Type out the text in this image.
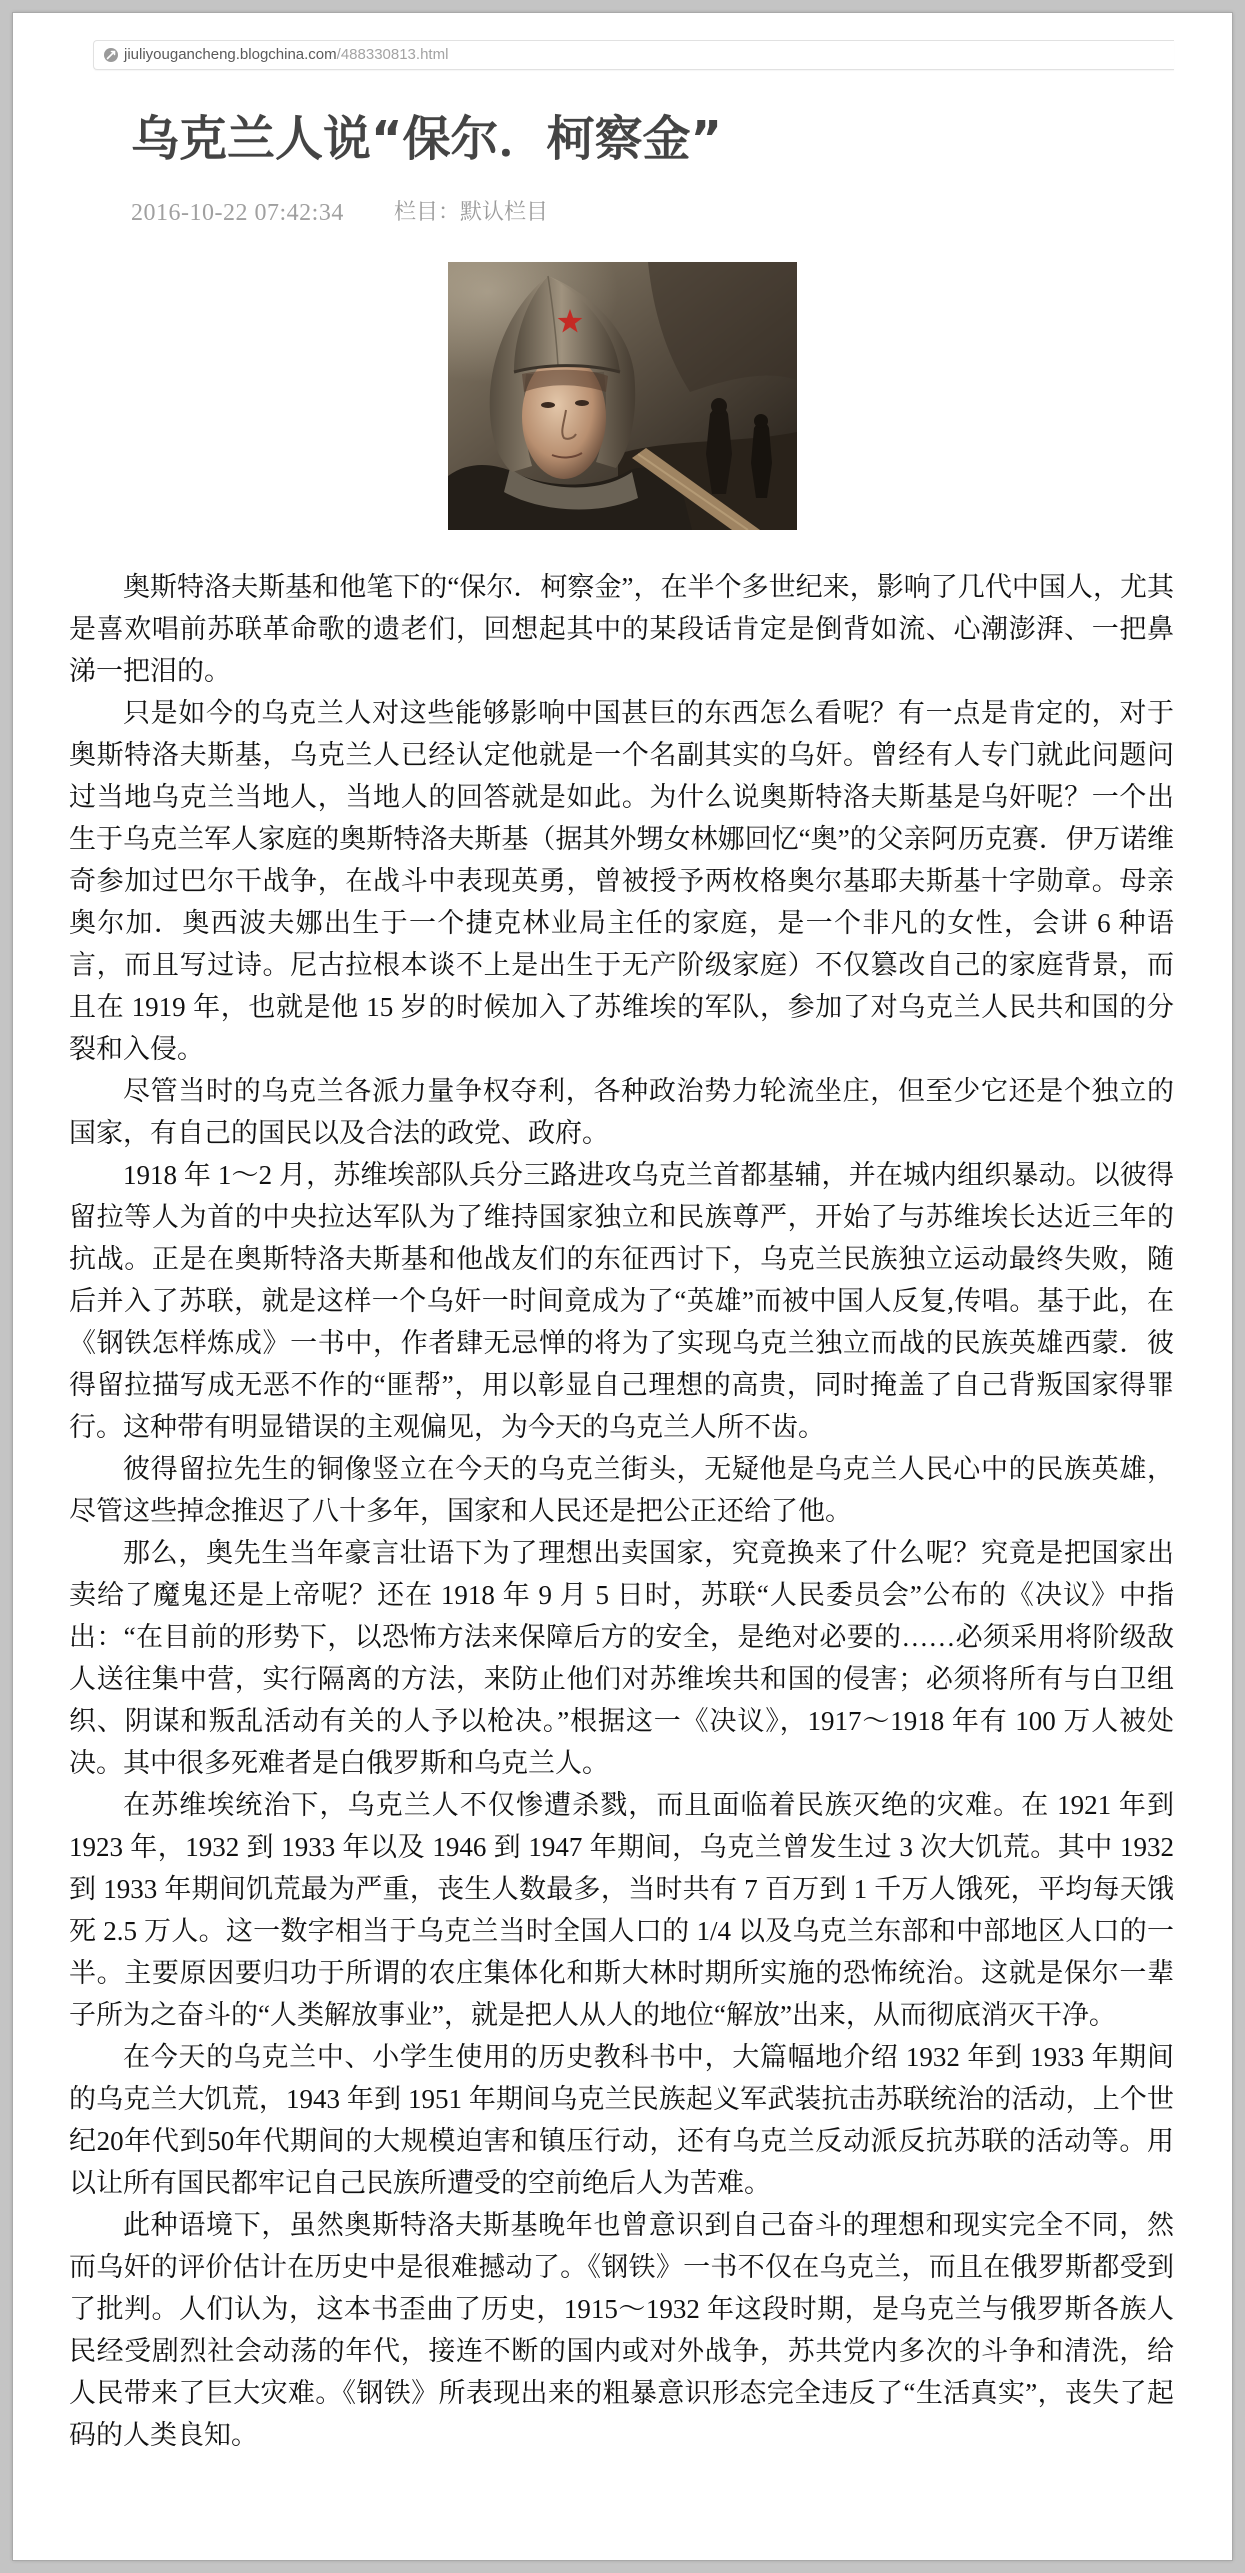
jiuliyougancheng.blogchina.com/488330813.html
乌克兰人说“保尔．柯察金”
2016-10-22 07:42:34 栏目：默认栏目

奥斯特洛夫斯基和他笔下的“保尔．柯察金”，在半个多世纪来，影响了几代中国人，尤其是喜欢唱前苏联革命歌的遗老们，回想起其中的某段话肯定是倒背如流、心潮澎湃、一把鼻涕一把泪的。

只是如今的乌克兰人对这些能够影响中国甚巨的东西怎么看呢？有一点是肯定的，对于奥斯特洛夫斯基，乌克兰人已经认定他就是一个名副其实的乌奸。曾经有人专门就此问题问过当地乌克兰当地人，当地人的回答就是如此。为什么说奥斯特洛夫斯基是乌奸呢？一个出生于乌克兰军人家庭的奥斯特洛夫斯基（据其外甥女林娜回忆“奥”的父亲阿历克赛．伊万诺维奇参加过巴尔干战争，在战斗中表现英勇，曾被授予两枚格奥尔基耶夫斯基十字勋章。母亲奥尔加．奥西波夫娜出生于一个捷克林业局主任的家庭，是一个非凡的女性，会讲 6 种语言，而且写过诗。尼古拉根本谈不上是出生于无产阶级家庭）不仅篡改自己的家庭背景，而且在 1919 年，也就是他 15 岁的时候加入了苏维埃的军队，参加了对乌克兰人民共和国的分裂和入侵。

尽管当时的乌克兰各派力量争权夺利，各种政治势力轮流坐庄，但至少它还是个独立的国家，有自己的国民以及合法的政党、政府。

1918 年 1～2 月，苏维埃部队兵分三路进攻乌克兰首都基辅，并在城内组织暴动。以彼得留拉等人为首的中央拉达军队为了维持国家独立和民族尊严，开始了与苏维埃长达近三年的抗战。正是在奥斯特洛夫斯基和他战友们的东征西讨下，乌克兰民族独立运动最终失败，随后并入了苏联，就是这样一个乌奸一时间竟成为了“英雄”而被中国人反复,传唱。基于此，在《钢铁怎样炼成》一书中，作者肆无忌惮的将为了实现乌克兰独立而战的民族英雄西蒙．彼得留拉描写成无恶不作的“匪帮”，用以彰显自己理想的高贵，同时掩盖了自己背叛国家得罪行。这种带有明显错误的主观偏见，为今天的乌克兰人所不齿。

彼得留拉先生的铜像竖立在今天的乌克兰街头，无疑他是乌克兰人民心中的民族英雄，尽管这些掉念推迟了八十多年，国家和人民还是把公正还给了他。

那么，奥先生当年豪言壮语下为了理想出卖国家，究竟换来了什么呢？究竟是把国家出卖给了魔鬼还是上帝呢？还在 1918 年 9 月 5 日时，苏联“人民委员会”公布的《决议》中指出：“在目前的形势下，以恐怖方法来保障后方的安全，是绝对必要的……必须采用将阶级敌人送往集中营，实行隔离的方法，来防止他们对苏维埃共和国的侵害；必须将所有与白卫组织、阴谋和叛乱活动有关的人予以枪决。”根据这一《决议》，1917～1918 年有 100 万人被处决。其中很多死难者是白俄罗斯和乌克兰人。

在苏维埃统治下，乌克兰人不仅惨遭杀戮，而且面临着民族灭绝的灾难。在 1921 年到 1923 年，1932 到 1933 年以及 1946 到 1947 年期间，乌克兰曾发生过 3 次大饥荒。其中 1932 到 1933 年期间饥荒最为严重，丧生人数最多，当时共有 7 百万到 1 千万人饿死，平均每天饿死 2.5 万人。这一数字相当于乌克兰当时全国人口的 1/4 以及乌克兰东部和中部地区人口的一半。主要原因要归功于所谓的农庄集体化和斯大林时期所实施的恐怖统治。这就是保尔一辈子所为之奋斗的“人类解放事业”，就是把人从人的地位“解放”出来，从而彻底消灭干净。

在今天的乌克兰中、小学生使用的历史教科书中，大篇幅地介绍 1932 年到 1933 年期间的乌克兰大饥荒，1943 年到 1951 年期间乌克兰民族起义军武装抗击苏联统治的活动，上个世纪20年代到50年代期间的大规模迫害和镇压行动，还有乌克兰反动派反抗苏联的活动等。用以让所有国民都牢记自己民族所遭受的空前绝后人为苦难。

此种语境下，虽然奥斯特洛夫斯基晚年也曾意识到自己奋斗的理想和现实完全不同，然而乌奸的评价估计在历史中是很难撼动了。《钢铁》一书不仅在乌克兰，而且在俄罗斯都受到了批判。人们认为，这本书歪曲了历史，1915～1932 年这段时期，是乌克兰与俄罗斯各族人民经受剧烈社会动荡的年代，接连不断的国内或对外战争，苏共党内多次的斗争和清洗，给人民带来了巨大灾难。《钢铁》所表现出来的粗暴意识形态完全违反了“生活真实”，丧失了起码的人类良知。
